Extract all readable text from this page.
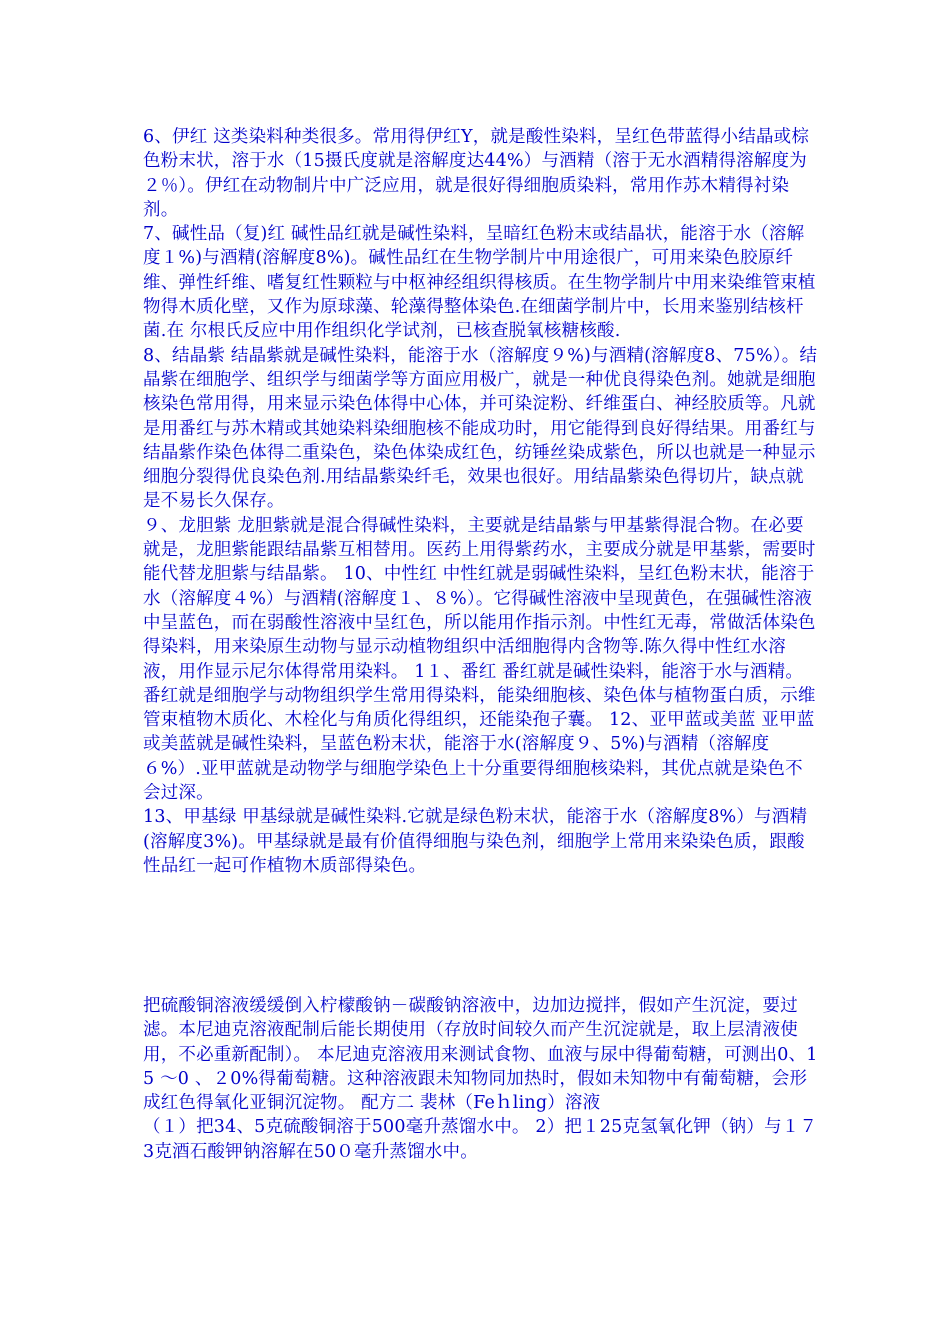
6、伊红 这类染料种类很多。常用得伊红Y，就是酸性染料，呈红色带蓝得小结晶或棕色粉末状，溶于水（15摄氏度就是溶解度达44%）与酒精（溶于无水酒精得溶解度为２％）。伊红在动物制片中广泛应用，就是很好得细胞质染料，常用作苏木精得衬染剂。

7、碱性品（复)红 碱性品红就是碱性染料，呈暗红色粉末或结晶状，能溶于水（溶解度１%)与酒精(溶解度8%)。碱性品红在生物学制片中用途很广，可用来染色胶原纤维、弹性纤维、嗜复红性颗粒与中枢神经组织得核质。在生物学制片中用来染维管束植物得木质化壁，又作为原球藻、轮藻得整体染色.在细菌学制片中，长用来鉴别结核杆菌.在 尔根氏反应中用作组织化学试剂，已核查脱氧核糖核酸.

8、结晶紫 结晶紫就是碱性染料，能溶于水（溶解度９%)与酒精(溶解度8、75%）。结晶紫在细胞学、组织学与细菌学等方面应用极广，就是一种优良得染色剂。她就是细胞核染色常用得，用来显示染色体得中心体，并可染淀粉、纤维蛋白、神经胶质等。凡就是用番红与苏木精或其她染料染细胞核不能成功时，用它能得到良好得结果。用番红与结晶紫作染色体得二重染色，染色体染成红色，纺锤丝染成紫色，所以也就是一种显示细胞分裂得优良染色剂.用结晶紫染纤毛，效果也很好。用结晶紫染色得切片，缺点就是不易长久保存。

９、龙胆紫 龙胆紫就是混合得碱性染料，主要就是结晶紫与甲基紫得混合物。在必要就是，龙胆紫能跟结晶紫互相替用。医药上用得紫药水，主要成分就是甲基紫，需要时能代替龙胆紫与结晶紫。 10、中性红 中性红就是弱碱性染料，呈红色粉末状，能溶于水（溶解度４%）与酒精(溶解度１、８%）。它得碱性溶液中呈现黄色，在强碱性溶液中呈蓝色，而在弱酸性溶液中呈红色，所以能用作指示剂。中性红无毒，常做活体染色得染料，用来染原生动物与显示动植物组织中活细胞得内含物等.陈久得中性红水溶液，用作显示尼尔体得常用染料。 1１、番红 番红就是碱性染料，能溶于水与酒精。番红就是细胞学与动物组织学生常用得染料，能染细胞核、染色体与植物蛋白质，示维管束植物木质化、木栓化与角质化得组织，还能染孢子囊。 12、亚甲蓝或美蓝 亚甲蓝或美蓝就是碱性染料，呈蓝色粉末状，能溶于水(溶解度９、5%)与酒精（溶解度６%）.亚甲蓝就是动物学与细胞学染色上十分重要得细胞核染料，其优点就是染色不会过深。

13、甲基绿 甲基绿就是碱性染料.它就是绿色粉末状，能溶于水（溶解度8%）与酒精(溶解度3%)。甲基绿就是最有价值得细胞与染色剂，细胞学上常用来染染色质，跟酸性品红一起可作植物木质部得染色。

把硫酸铜溶液缓缓倒入柠檬酸钠－碳酸钠溶液中，边加边搅拌，假如产生沉淀，要过滤。本尼迪克溶液配制后能长期使用（存放时间较久而产生沉淀就是，取上层清液使用，不必重新配制）。 本尼迪克溶液用来测试食物、血液与尿中得葡萄糖，可测出0、15 ～0 、２0%得葡萄糖。这种溶液跟未知物同加热时，假如未知物中有葡萄糖，会形成红色得氧化亚铜沉淀物。 配方二 裴林（Feｈling）溶液

（１）把34、5克硫酸铜溶于500毫升蒸馏水中。 2）把１25克氢氧化钾（钠）与１７3克酒石酸钾钠溶解在50０毫升蒸馏水中。
